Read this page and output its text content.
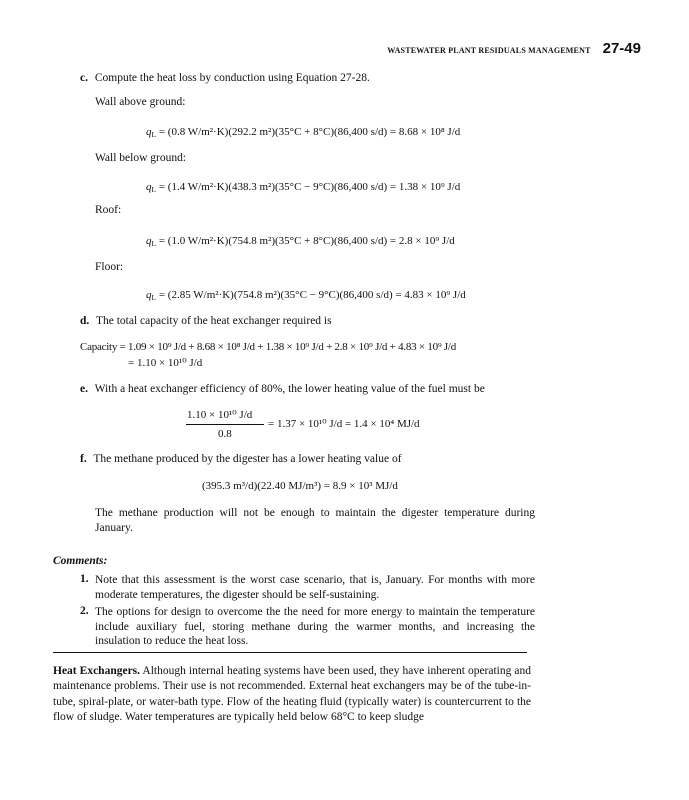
WASTEWATER PLANT RESIDUALS MANAGEMENT 27-49
c. Compute the heat loss by conduction using Equation 27-28.
Wall above ground:
$q_L = (0.8$ W/m²·K)(292.2 m²)(35°C + 8°C)(86,400 s/d) = 8.68 × 10⁸ J/d
Wall below ground:
$q_L = (1.4$ W/m²·K)(438.3 m²)(35°C − 9°C)(86,400 s/d) = 1.38 × 10⁹ J/d
Roof:
$q_L = (1.0$ W/m²·K)(754.8 m²)(35°C + 8°C)(86,400 s/d) = 2.8 × 10⁹ J/d
Floor:
$q_L = (2.85$ W/m²·K)(754.8 m²)(35°C − 9°C)(86,400 s/d) = 4.83 × 10⁹ J/d
d. The total capacity of the heat exchanger required is
Capacity = 1.09 × 10⁹ J/d + 8.68 × 10⁸ J/d + 1.38 × 10⁹ J/d + 2.8 × 10⁹ J/d + 4.83 × 10⁹ J/d
= 1.10 × 10¹⁰ J/d
e. With a heat exchanger efficiency of 80%, the lower heating value of the fuel must be
1.10 × 10¹⁰ J/d
0.8
= 1.37 × 10¹⁰ J/d = 1.4 × 10⁴ MJ/d
f. The methane produced by the digester has a lower heating value of
(395.3 m³/d)(22.40 MJ/m³) = 8.9 × 10³ MJ/d
The methane production will not be enough to maintain the digester temperature during January.
Comments:
1. Note that this assessment is the worst case scenario, that is, January. For months with more moderate temperatures, the digester should be self-sustaining.
2. The options for design to overcome the the need for more energy to maintain the temperature include auxiliary fuel, storing methane during the warmer months, and increasing the insulation to reduce the heat loss.
Heat Exchangers. Although internal heating systems have been used, they have inherent operating and maintenance problems. Their use is not recommended. External heat exchangers may be of the tube-in-tube, spiral-plate, or water-bath type. Flow of the heating fluid (typically water) is countercurrent to the flow of sludge. Water temperatures are typically held below 68°C to keep sludge
